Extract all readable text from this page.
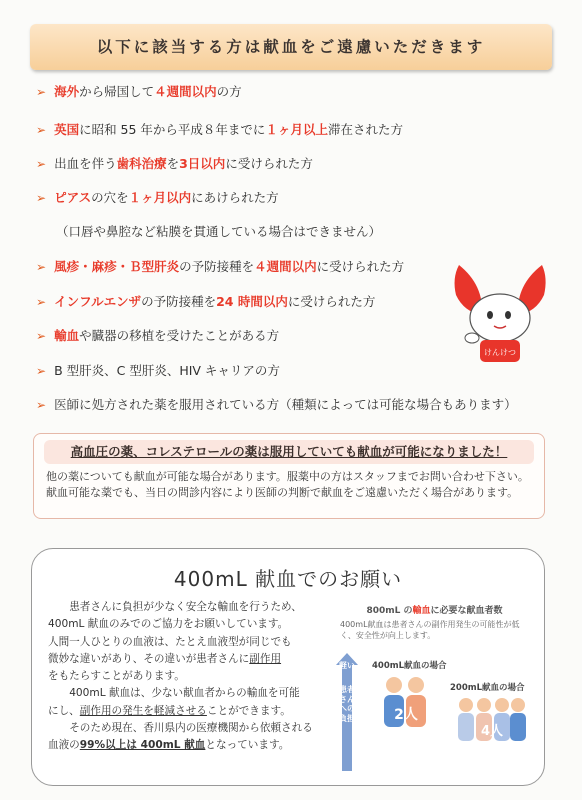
以下に該当する方は献血をご遠慮いただきます
➢ 海外から帰国して４週間以内の方
➢ 英国に昭和 55 年から平成８年までに１ヶ月以上滞在された方
➢ 出血を伴う歯科治療を3日以内に受けられた方
➢ ピアスの穴を１ヶ月以内にあけられた方
（口唇や鼻腔など粘膜を貫通している場合はできません）
➢ 風疹・麻疹・Ｂ型肝炎の予防接種を４週間以内に受けられた方
➢ インフルエンザの予防接種を24 時間以内に受けられた方
➢ 輸血や臓器の移植を受けたことがある方
➢ B 型肝炎、C 型肝炎、HIV キャリアの方
➢ 医師に処方された薬を服用されている方（種類によっては可能な場合もあります）
けんけつ
高血圧の薬、コレステロールの薬は服用していても献血が可能になりました！
他の薬についても献血が可能な場合があります。服薬中の方はスタッフまでお問い合わせ下さい。
献血可能な薬でも、当日の問診内容により医師の判断で献血をご遠慮いただく場合があります。
400mL 献血でのお願い
患者さんに負担が少なく安全な輸血を行うため、
400mL 献血のみでのご協力をお願いしています。
人間一人ひとりの血液は、たとえ血液型が同じでも
微妙な違いがあり、その違いが患者さんに副作用
をもたらすことがあります。
400mL 献血は、少ない献血者からの輸血を可能
にし、副作用の発生を軽減させることができます。
そのため現在、香川県内の医療機関から依頼される
血液の99%以上は 400mL 献血となっています。
800mL の輸血に必要な献血者数
400mL献血は患者さんの副作用発生の可能性が低く、安全性が向上します。
軽い
患者さんへの負担
400mL献血の場合
2人
200mL献血の場合
4人
